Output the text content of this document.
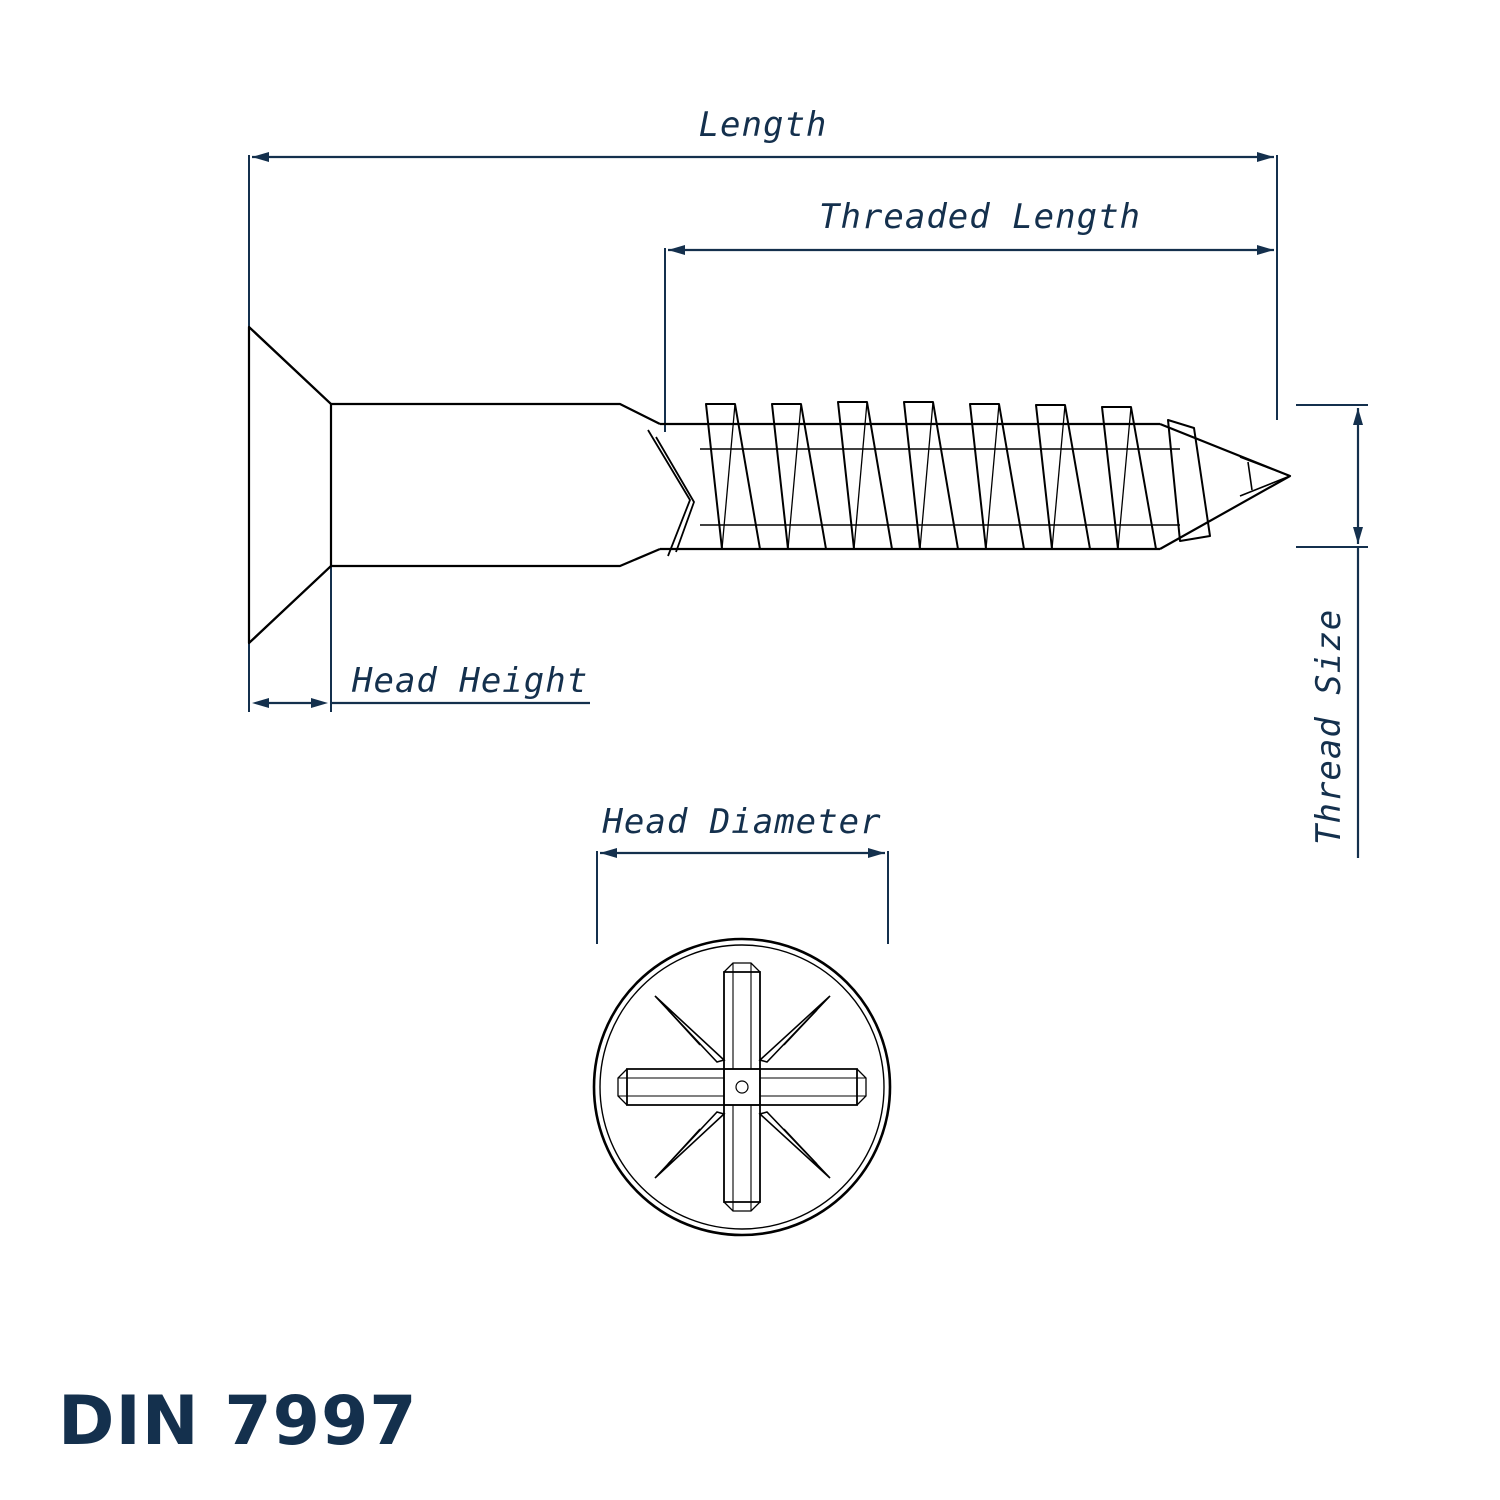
Length
Threaded Length
Head Height	Thread Size
Head Diameter
DIN 7997
